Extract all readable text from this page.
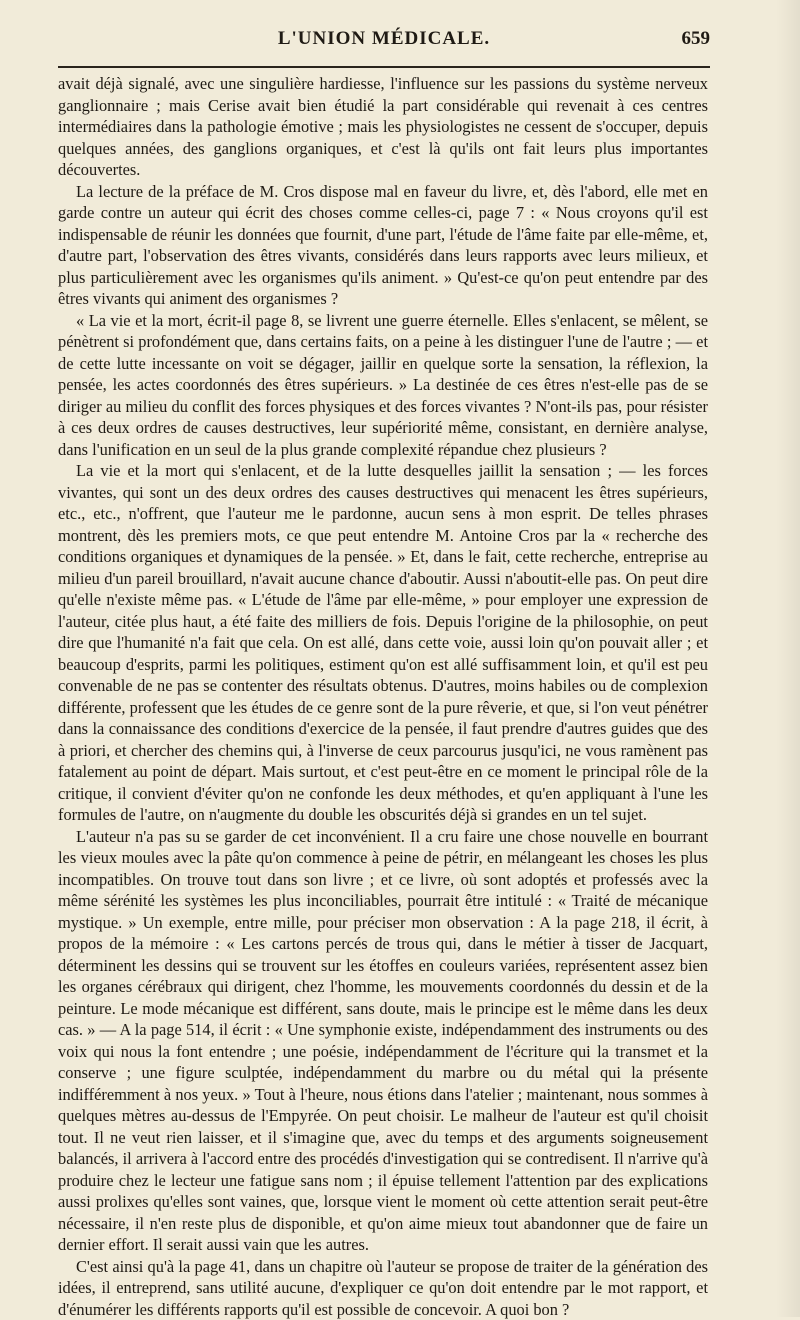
L'UNION MÉDICALE.	659

avait déjà signalé, avec une singulière hardiesse, l'influence sur les passions du système nerveux ganglionnaire ; mais Cerise avait bien étudié la part considérable qui revenait à ces centres intermédiaires dans la pathologie émotive ; mais les physiologistes ne cessent de s'occuper, depuis quelques années, des ganglions organiques, et c'est là qu'ils ont fait leurs plus importantes découvertes.

La lecture de la préface de M. Cros dispose mal en faveur du livre, et, dès l'abord, elle met en garde contre un auteur qui écrit des choses comme celles-ci, page 7 : « Nous croyons qu'il est indispensable de réunir les données que fournit, d'une part, l'étude de l'âme faite par elle-même, et, d'autre part, l'observation des êtres vivants, considérés dans leurs rapports avec leurs milieux, et plus particulièrement avec les organismes qu'ils animent. » Qu'est-ce qu'on peut entendre par des êtres vivants qui animent des organismes ?

« La vie et la mort, écrit-il page 8, se livrent une guerre éternelle. Elles s'enlacent, se mêlent, se pénètrent si profondément que, dans certains faits, on a peine à les distinguer l'une de l'autre ; — et de cette lutte incessante on voit se dégager, jaillir en quelque sorte la sensation, la réflexion, la pensée, les actes coordonnés des êtres supérieurs. » La destinée de ces êtres n'est-elle pas de se diriger au milieu du conflit des forces physiques et des forces vivantes ? N'ont-ils pas, pour résister à ces deux ordres de causes destructives, leur supériorité même, consistant, en dernière analyse, dans l'unification en un seul de la plus grande complexité répandue chez plusieurs ?

La vie et la mort qui s'enlacent, et de la lutte desquelles jaillit la sensation ; — les forces vivantes, qui sont un des deux ordres des causes destructives qui menacent les êtres supérieurs, etc., etc., n'offrent, que l'auteur me le pardonne, aucun sens à mon esprit. De telles phrases montrent, dès les premiers mots, ce que peut entendre M. Antoine Cros par la « recherche des conditions organiques et dynamiques de la pensée. » Et, dans le fait, cette recherche, entreprise au milieu d'un pareil brouillard, n'avait aucune chance d'aboutir. Aussi n'aboutit-elle pas. On peut dire qu'elle n'existe même pas. « L'étude de l'âme par elle-même, » pour employer une expression de l'auteur, citée plus haut, a été faite des milliers de fois. Depuis l'origine de la philosophie, on peut dire que l'humanité n'a fait que cela. On est allé, dans cette voie, aussi loin qu'on pouvait aller ; et beaucoup d'esprits, parmi les politiques, estiment qu'on est allé suffisamment loin, et qu'il est peu convenable de ne pas se contenter des résultats obtenus. D'autres, moins habiles ou de complexion différente, professent que les études de ce genre sont de la pure rêverie, et que, si l'on veut pénétrer dans la connaissance des conditions d'exercice de la pensée, il faut prendre d'autres guides que des à priori, et chercher des chemins qui, à l'inverse de ceux parcourus jusqu'ici, ne vous ramènent pas fatalement au point de départ. Mais surtout, et c'est peut-être en ce moment le principal rôle de la critique, il convient d'éviter qu'on ne confonde les deux méthodes, et qu'en appliquant à l'une les formules de l'autre, on n'augmente du double les obscurités déjà si grandes en un tel sujet.

L'auteur n'a pas su se garder de cet inconvénient. Il a cru faire une chose nouvelle en bourrant les vieux moules avec la pâte qu'on commence à peine de pétrir, en mélangeant les choses les plus incompatibles. On trouve tout dans son livre ; et ce livre, où sont adoptés et professés avec la même sérénité les systèmes les plus inconciliables, pourrait être intitulé : « Traité de mécanique mystique. » Un exemple, entre mille, pour préciser mon observation : A la page 218, il écrit, à propos de la mémoire : « Les cartons percés de trous qui, dans le métier à tisser de Jacquart, déterminent les dessins qui se trouvent sur les étoffes en couleurs variées, représentent assez bien les organes cérébraux qui dirigent, chez l'homme, les mouvements coordonnés du dessin et de la peinture. Le mode mécanique est différent, sans doute, mais le principe est le même dans les deux cas. » — A la page 514, il écrit : « Une symphonie existe, indépendamment des instruments ou des voix qui nous la font entendre ; une poésie, indépendamment de l'écriture qui la transmet et la conserve ; une figure sculptée, indépendamment du marbre ou du métal qui la présente indifféremment à nos yeux. » Tout à l'heure, nous étions dans l'atelier ; maintenant, nous sommes à quelques mètres au-dessus de l'Empyrée. On peut choisir. Le malheur de l'auteur est qu'il choisit tout. Il ne veut rien laisser, et il s'imagine que, avec du temps et des arguments soigneusement balancés, il arrivera à l'accord entre des procédés d'investigation qui se contredisent. Il n'arrive qu'à produire chez le lecteur une fatigue sans nom ; il épuise tellement l'attention par des explications aussi prolixes qu'elles sont vaines, que, lorsque vient le moment où cette attention serait peut-être nécessaire, il n'en reste plus de disponible, et qu'on aime mieux tout abandonner que de faire un dernier effort. Il serait aussi vain que les autres.

C'est ainsi qu'à la page 41, dans un chapitre où l'auteur se propose de traiter de la génération des idées, il entreprend, sans utilité aucune, d'expliquer ce qu'on doit entendre par le mot rapport, et d'énumérer les différents rapports qu'il est possible de concevoir. A quoi bon ?
